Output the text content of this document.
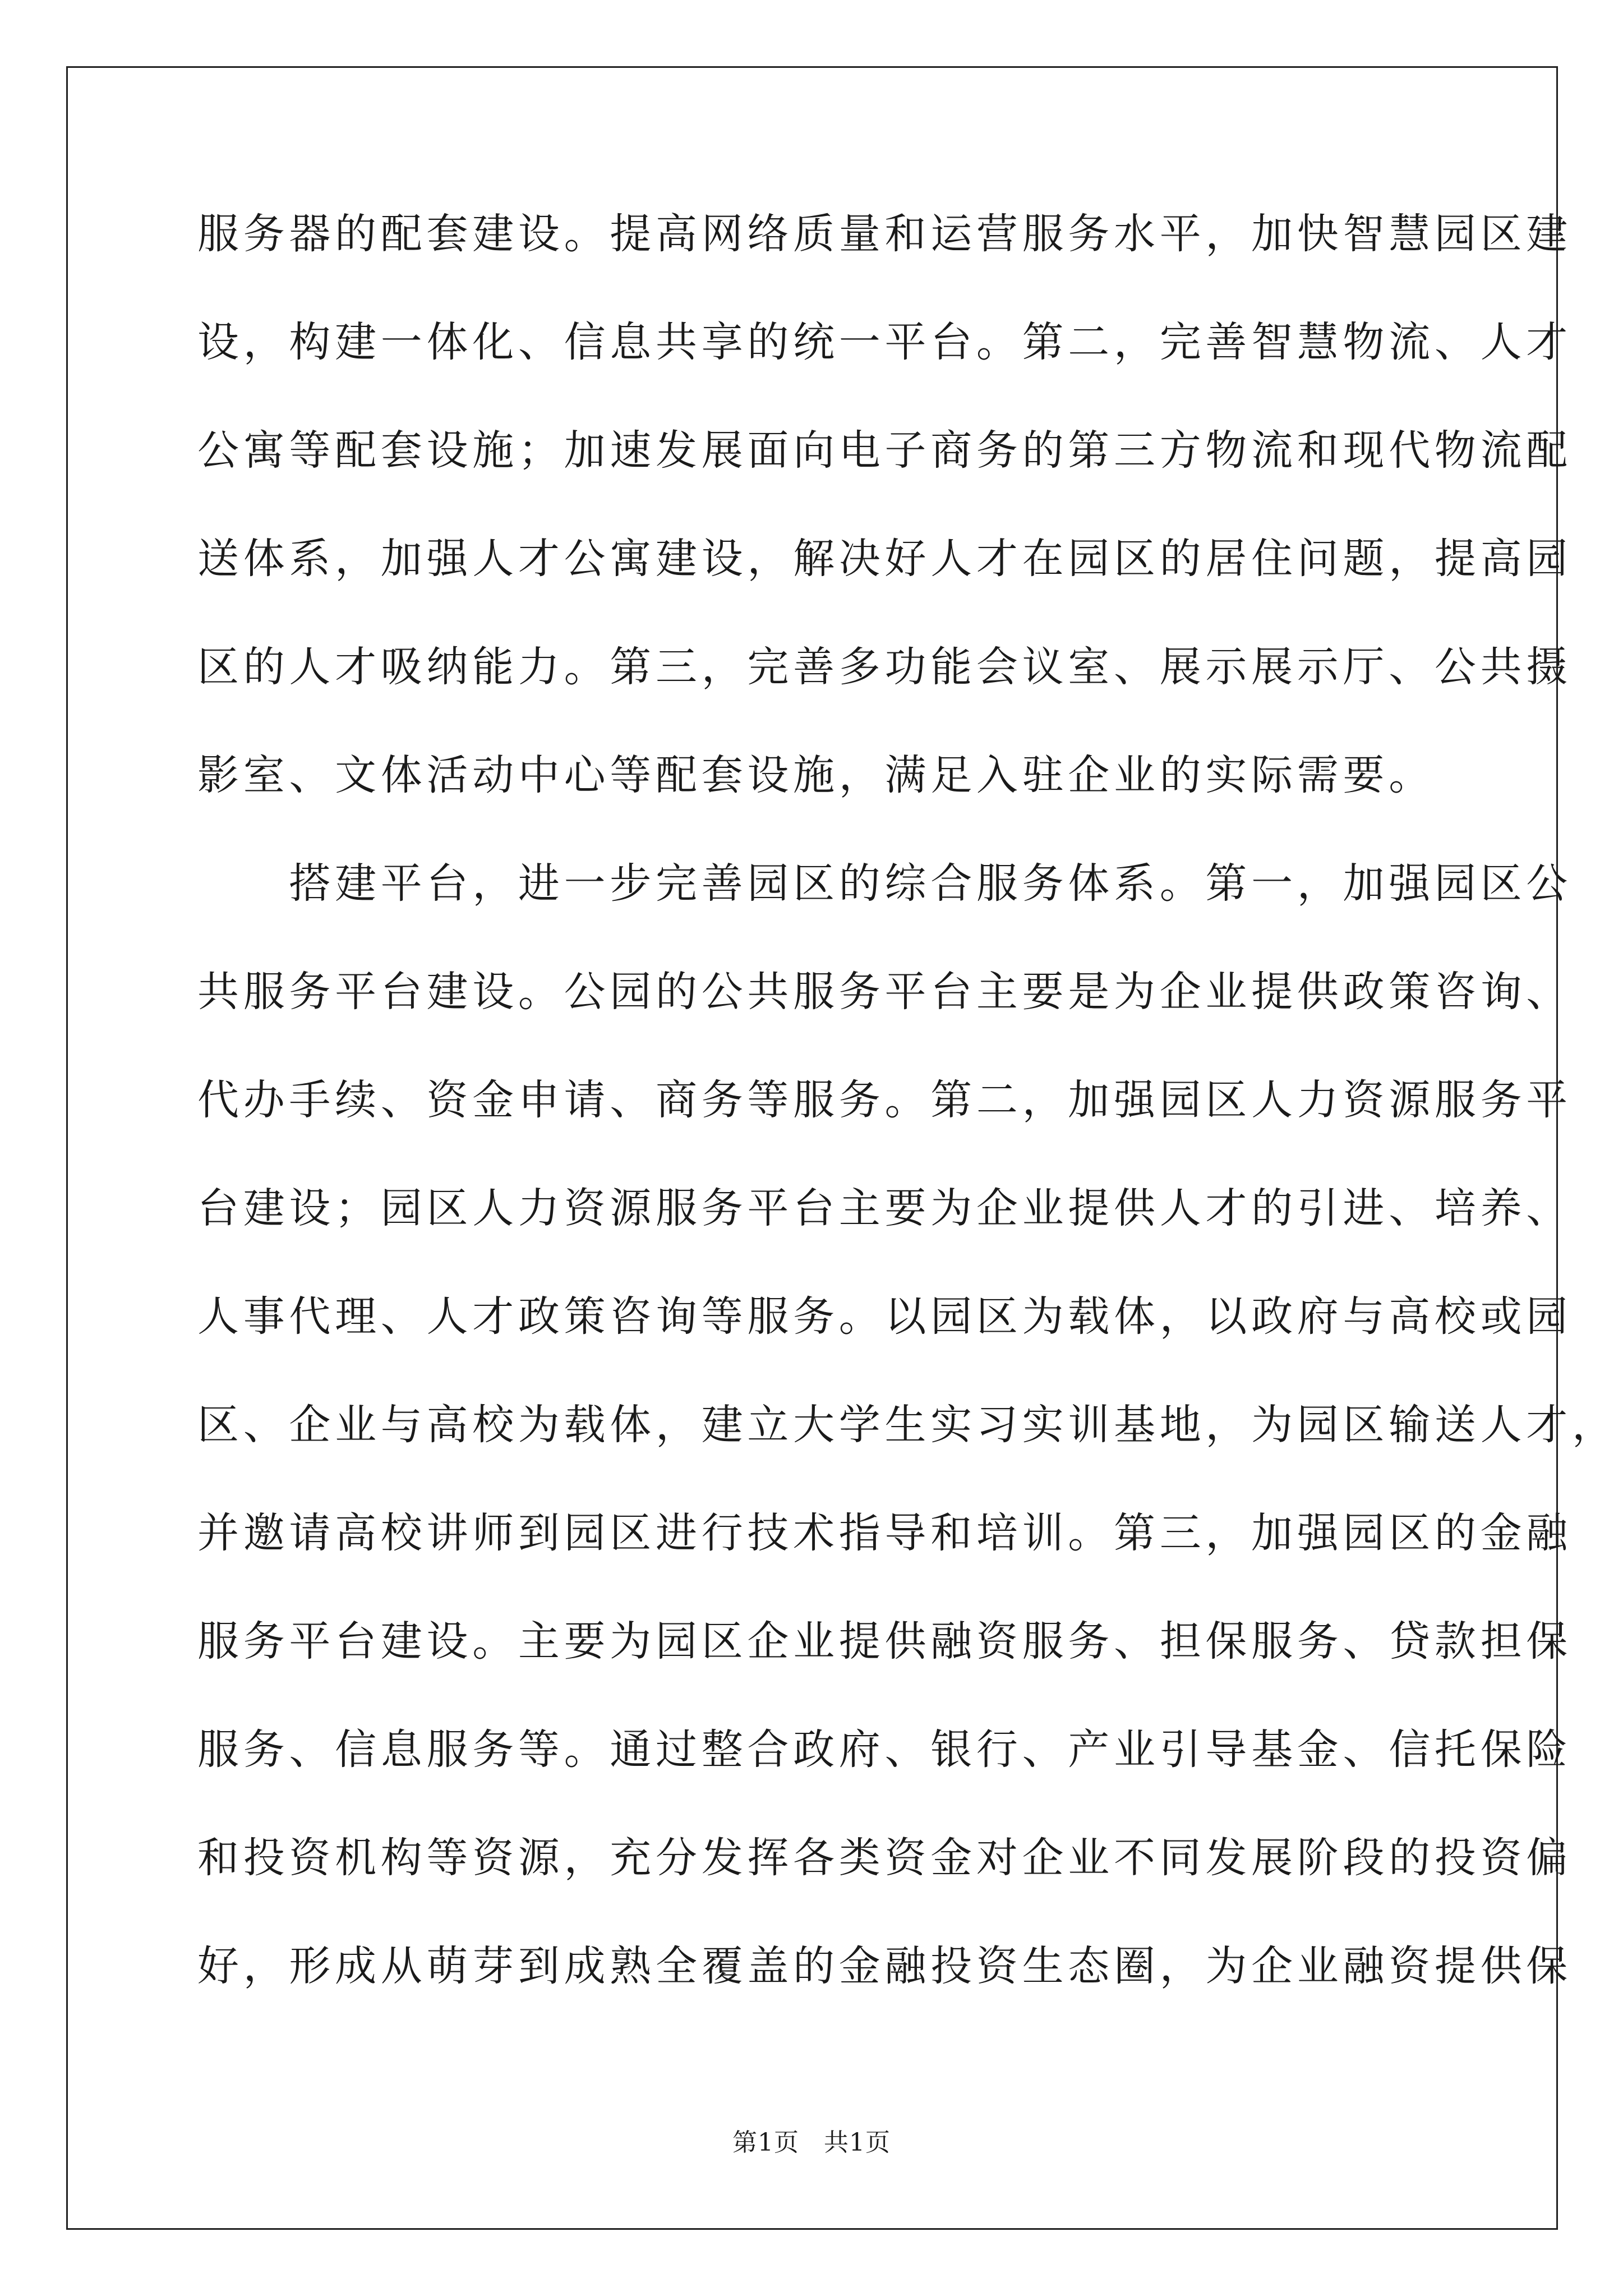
服务器的配套建设。提高网络质量和运营服务水平，加快智慧园区建
设，构建一体化、信息共享的统一平台。第二，完善智慧物流、人才
公寓等配套设施；加速发展面向电子商务的第三方物流和现代物流配
送体系，加强人才公寓建设，解决好人才在园区的居住问题，提高园
区的人才吸纳能力。第三，完善多功能会议室、展示展示厅、公共摄
影室、文体活动中心等配套设施，满足入驻企业的实际需要。
　　搭建平台，进一步完善园区的综合服务体系。第一，加强园区公
共服务平台建设。公园的公共服务平台主要是为企业提供政策咨询、
代办手续、资金申请、商务等服务。第二，加强园区人力资源服务平
台建设；园区人力资源服务平台主要为企业提供人才的引进、培养、
人事代理、人才政策咨询等服务。以园区为载体，以政府与高校或园
区、企业与高校为载体，建立大学生实习实训基地，为园区输送人才，
并邀请高校讲师到园区进行技术指导和培训。第三，加强园区的金融
服务平台建设。主要为园区企业提供融资服务、担保服务、贷款担保
服务、信息服务等。通过整合政府、银行、产业引导基金、信托保险
和投资机构等资源，充分发挥各类资金对企业不同发展阶段的投资偏
好，形成从萌芽到成熟全覆盖的金融投资生态圈，为企业融资提供保
第1页 共1页
